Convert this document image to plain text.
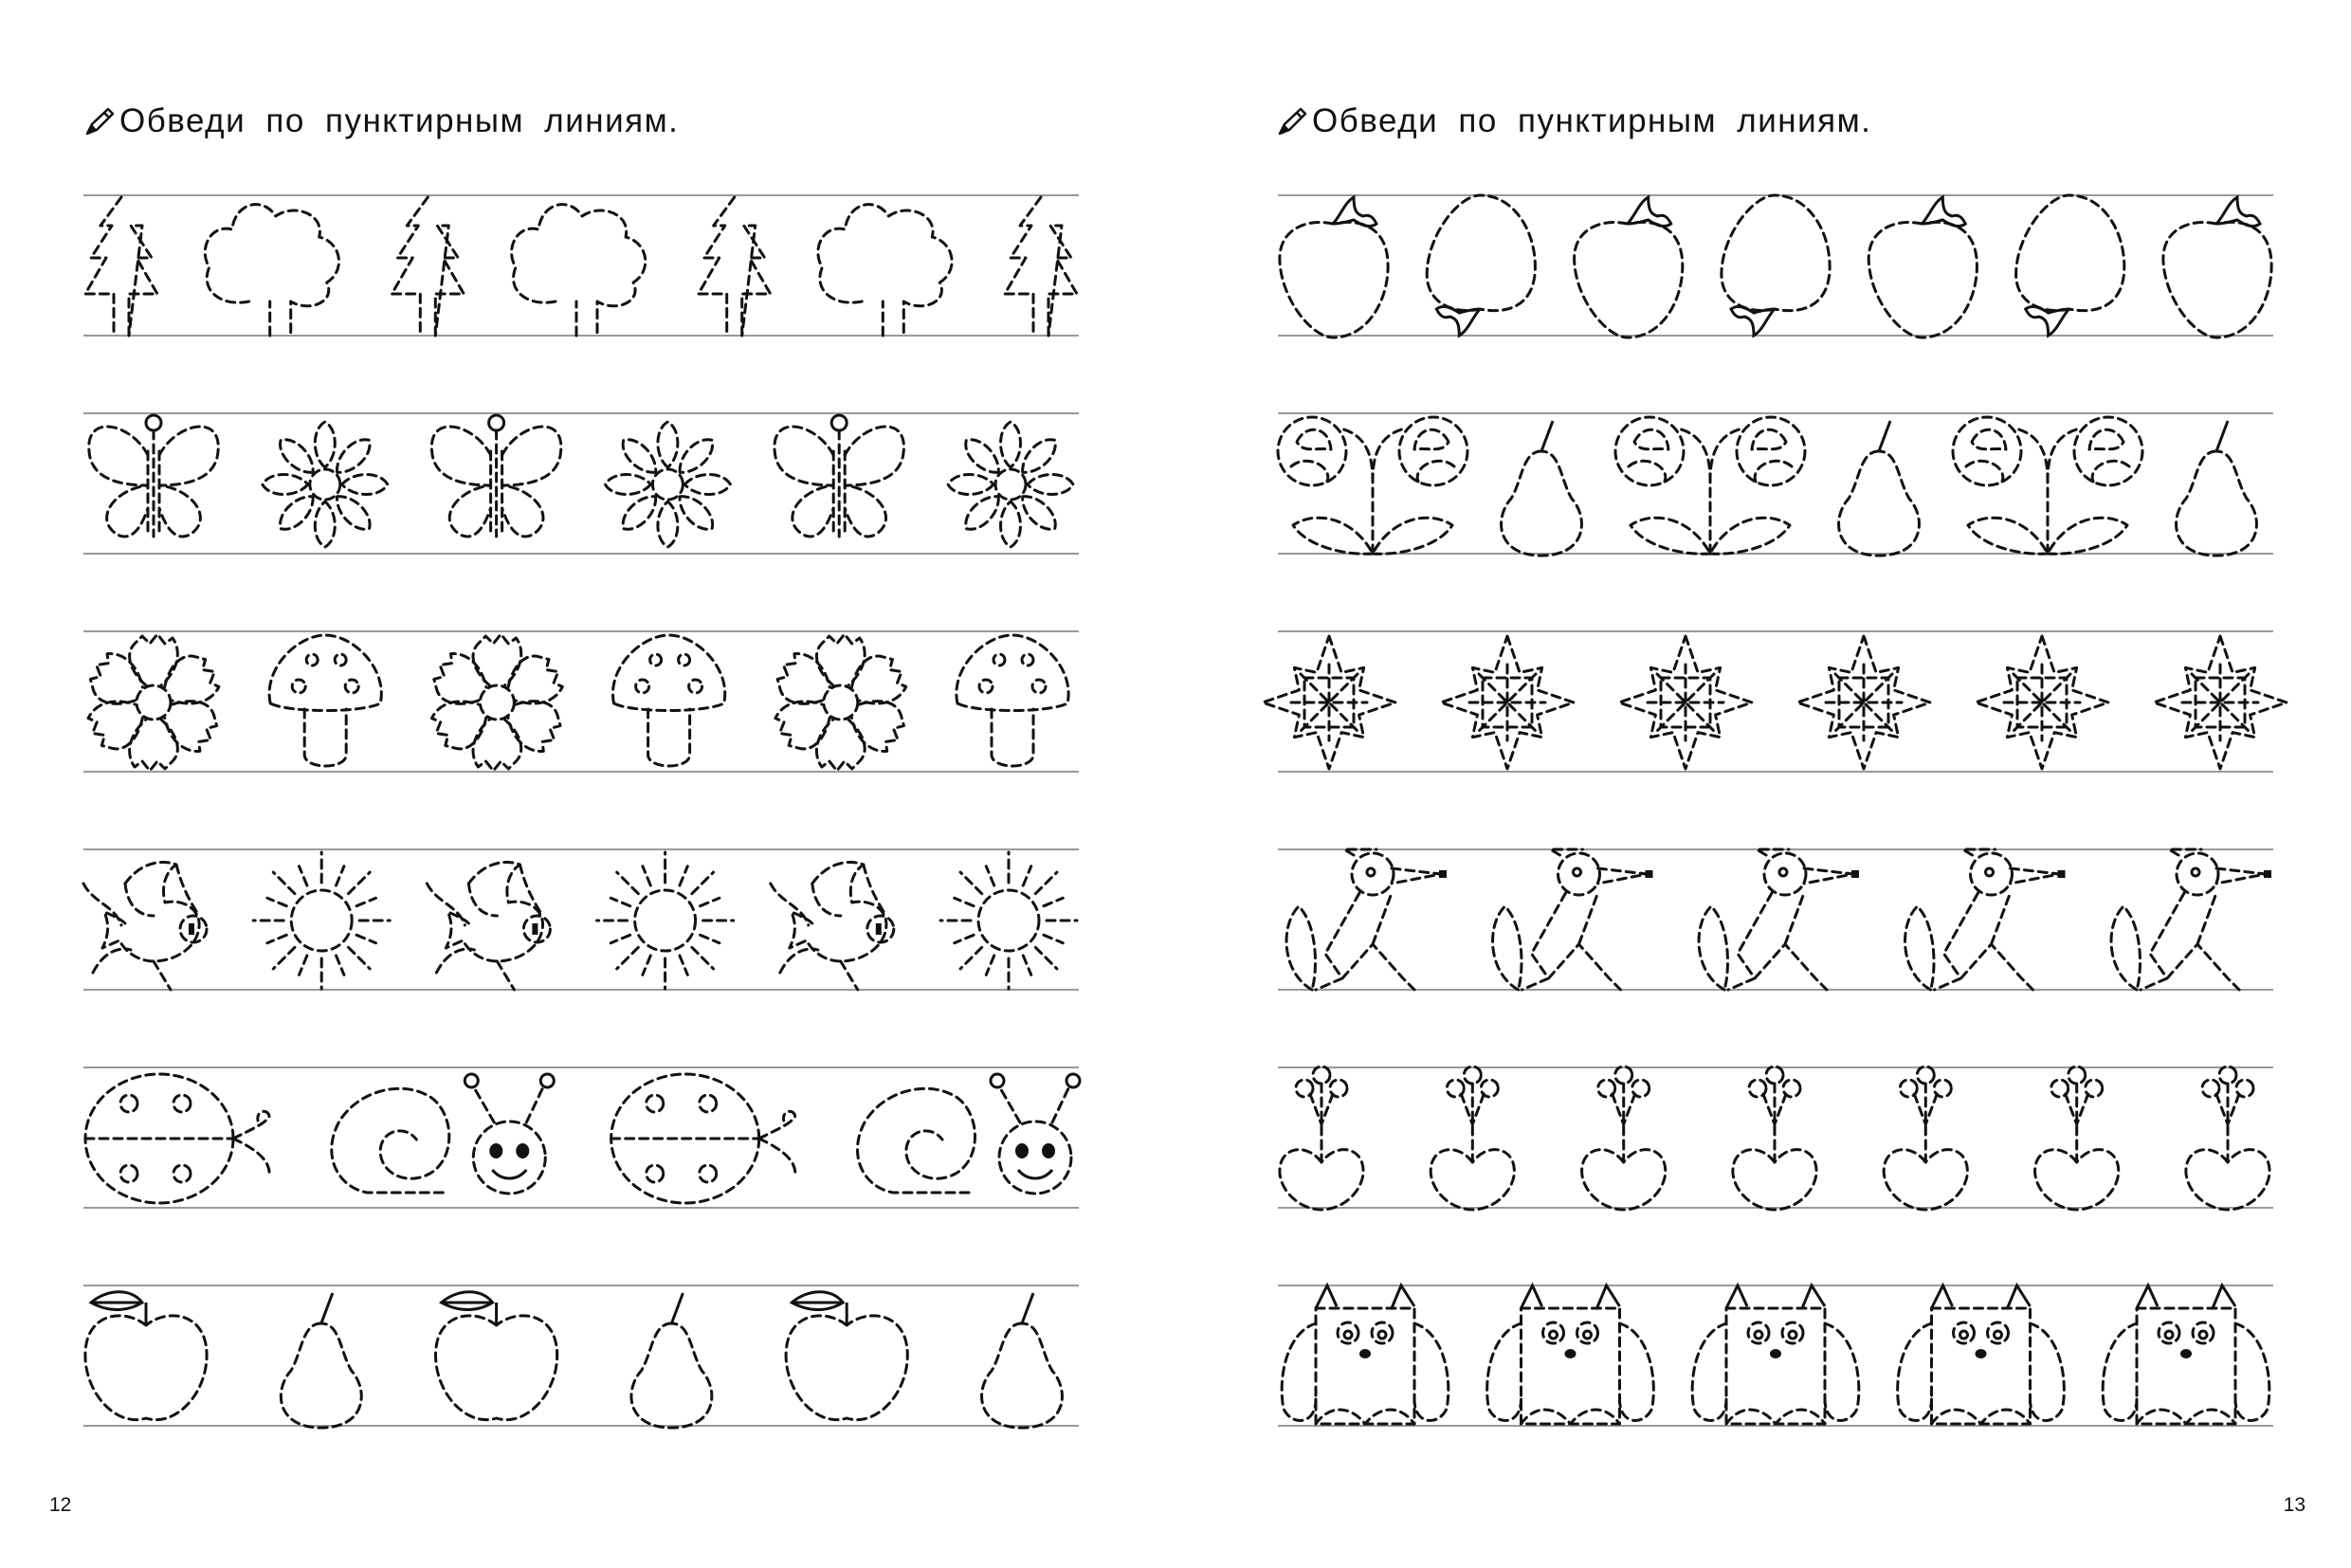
Обведи по пунктирным линиям.
12
Обведи по пунктирным линиям.
13
